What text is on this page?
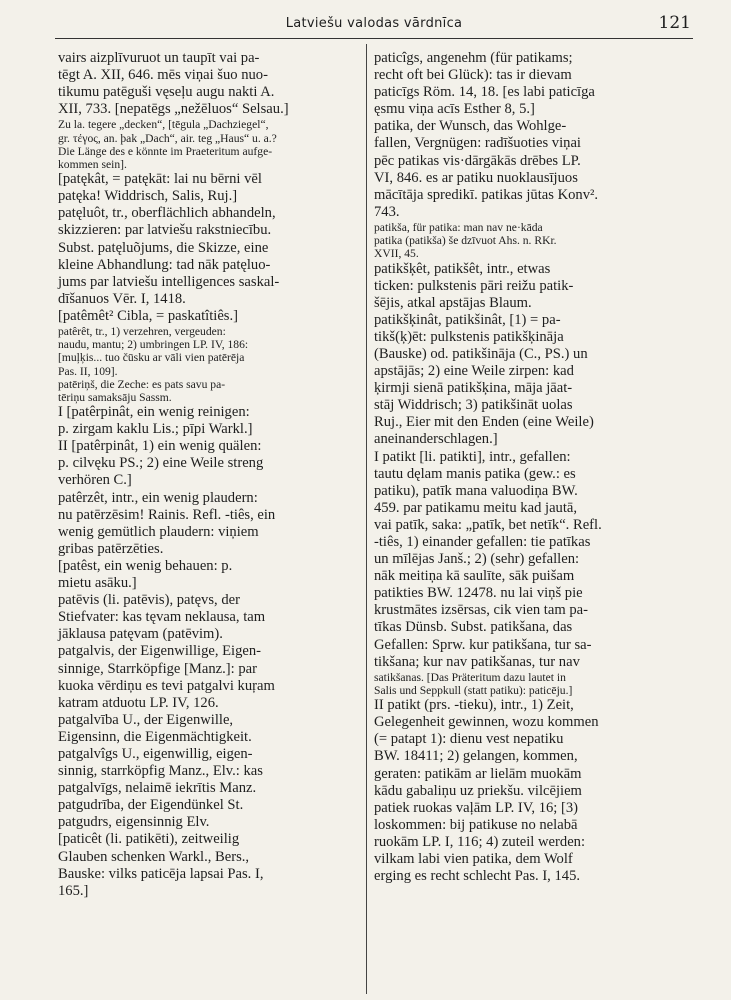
Latviešu valodas vārdnīca	121
vairs aizplīvuruot un taupīt vai pa-
tēgt A. XII, 646. mēs viņai šuo nuo-
tikumu patēguši vęseļu augu nakti A.
XII, 733. [nepatēgs „nežēluos“ Selsau.]
Zu la. tegere „decken“, [tēgula „Dachziegel“,
gr. τέγος, an. þak „Dach“, air. teg „Haus“ u. a.?
Die Länge des e könnte im Praeteritum aufge-
kommen sein].
[patękât, = patękāt: lai nu bērni vēl
patęka! Widdrisch, Salis, Ruj.]
patęluôt, tr., oberflächlich abhandeln,
skizzieren: par latviešu rakstniecību.
Subst. patęluõjums, die Skizze, eine
kleine Abhandlung: tad nāk patęluo-
jums par latviešu intelligences saskal-
dīšanuos Vēr. I, 1418.
[patêmêt² Cibla, = paskatîtiês.]
patêrêt, tr., 1) verzehren, vergeuden:
naudu, mantu; 2) umbringen LP. IV, 186:
[muļķis... tuo čūsku ar vāli vien patērēja
Pas. II, 109].
patēriņš, die Zeche: es pats savu pa-
tēriņu samaksāju Sassm.
I [patêrpinât, ein wenig reinigen:
p. zirgam kaklu Lis.; pīpi Warkl.]
II [patêrpinât, 1) ein wenig quälen:
p. cilvęku PS.; 2) eine Weile streng
verhören C.]
patêrzêt, intr., ein wenig plaudern:
nu patērzēsim! Rainis. Refl. -tiês, ein
wenig gemütlich plaudern: viņiem
gribas patērzēties.
[patêst, ein wenig behauen: p.
mietu asāku.]
patēvis (li. patēvis), patęvs, der
Stiefvater: kas tęvam neklausa, tam
jāklausa patęvam (patēvim).
patgalvis, der Eigenwillige, Eigen-
sinnige, Starrköpfige [Manz.]: par
kuoka vērdiņu es tevi patgalvi kuŗam
katram atduotu LP. IV, 126.
patgalvība U., der Eigenwille,
Eigensinn, die Eigenmächtigkeit.
patgalvîgs U., eigenwillig, eigen-
sinnig, starrköpfig Manz., Elv.: kas
patgalvīgs, nelaimē iekrītis Manz.
patgudrība, der Eigendünkel St.
patgudrs, eigensinnig Elv.
[paticêt (li. patikēti), zeitweilig
Glauben schenken Warkl., Bers.,
Bauske: vilks paticēja lapsai Pas. I,
165.]
paticîgs, angenehm (für patikams;
recht oft bei Glück): tas ir dievam
paticīgs Röm. 14, 18. [es labi paticīga
ęsmu viņa acīs Esther 8, 5.]
patika, der Wunsch, das Wohlge-
fallen, Vergnügen: radīšuoties viņai
pēc patikas vis·dārgākās drēbes LP.
VI, 846. es ar patiku nuoklausījuos
mācītāja spredikī. patikas jūtas Konv².
743.
patikša, für patika: man nav ne·kāda
patika (patikša) še dzīvuot Ahs. n. RKr.
XVII, 45.
patikšķêt, patikšêt, intr., etwas
ticken: pulkstenis pāri reižu patik-
šējis, atkal apstājas Blaum.
patikšķinât, patikšinât, [1) = pa-
tikš(ķ)ēt: pulkstenis patikšķināja
(Bauske) od. patikšināja (C., PS.) un
apstājās; 2) eine Weile zirpen: kad
ķirmji sienā patikšķina, māja jāat-
stāj Widdrisch; 3) patikšināt uolas
Ruj., Eier mit den Enden (eine Weile)
aneinanderschlagen.]
I patikt [li. patikti], intr., gefallen:
tautu dęlam manis patika (gew.: es
patiku), patīk mana valuodiņa BW.
459. par patikamu meitu kad jautā,
vai patīk, saka: „patīk, bet netīk“. Refl.
-tiês, 1) einander gefallen: tie patīkas
un mīlējas Janš.; 2) (sehr) gefallen:
nāk meitiņa kā saulīte, sāk puišam
patikties BW. 12478. nu lai viņš pie
krustmātes izsērsas, cik vien tam pa-
tīkas Dünsb. Subst. patikšana, das
Gefallen: Sprw. kur patikšana, tur sa-
tikšana; kur nav patikšanas, tur nav
satikšanas. [Das Präteritum dazu lautet in
Salis und Seppkull (statt patiku): paticēju.]
II patikt (prs. -tieku), intr., 1) Zeit,
Gelegenheit gewinnen, wozu kommen
(= patapt 1): dienu vest nepatiku
BW. 18411; 2) gelangen, kommen,
geraten: patikām ar lielām muokām
kādu gabaliņu uz priekšu. vilcējiem
patiek ruokas vaļām LP. IV, 16; [3)
loskommen: bij patikuse no nelabā
ruokām LP. I, 116; 4) zuteil werden:
vilkam labi vien patika, dem Wolf
erging es recht schlecht Pas. I, 145.
